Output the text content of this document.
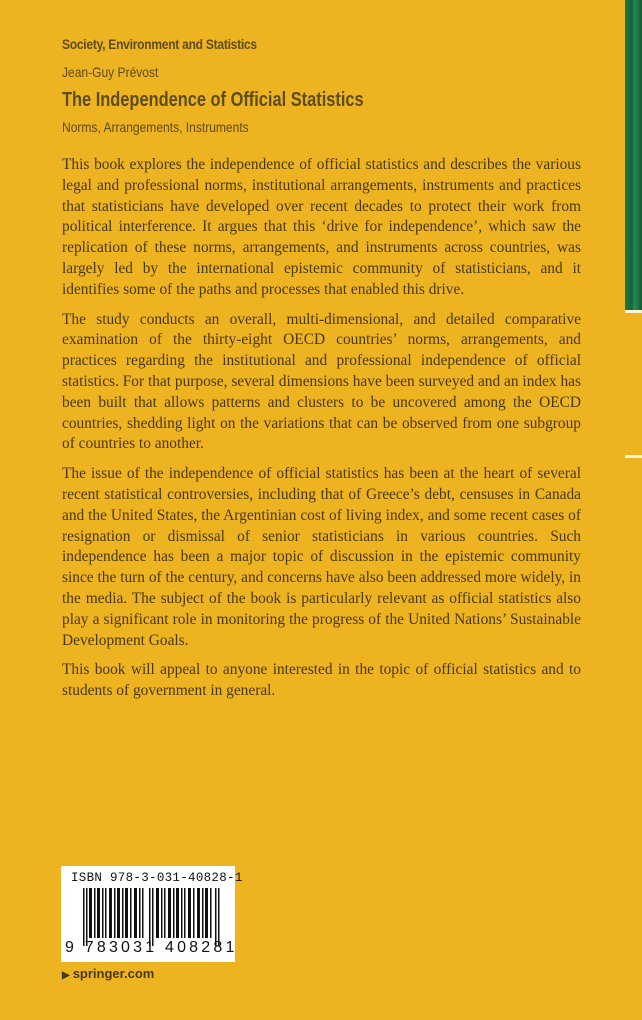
Society, Environment and Statistics
Jean-Guy Prévost
The Independence of Official Statistics
Norms, Arrangements, Instruments

This book explores the independence of official statistics and describes the various legal and professional norms, institutional arrangements, instruments and practices that statisticians have developed over recent decades to protect their work from political interference. It argues that this ‘drive for independence’, which saw the replication of these norms, arrangements, and instruments across countries, was largely led by the international epistemic community of statisticians, and it identifies some of the paths and processes that enabled this drive.

The study conducts an overall, multi-dimensional, and detailed comparative examination of the thirty-eight OECD countries’ norms, arrangements, and practices regarding the institutional and professional independence of official statistics. For that purpose, several dimensions have been surveyed and an index has been built that allows patterns and clusters to be uncovered among the OECD countries, shedding light on the variations that can be observed from one subgroup of countries to another.

The issue of the independence of official statistics has been at the heart of several recent statistical controversies, including that of Greece’s debt, censuses in Canada and the United States, the Argentinian cost of living index, and some recent cases of resignation or dismissal of senior statisticians in various countries. Such independence has been a major topic of discussion in the epistemic community since the turn of the century, and concerns have also been addressed more widely, in the media. The subject of the book is particularly relevant as official statistics also play a significant role in monitoring the progress of the United Nations’ Sustainable Development Goals.

This book will appeal to anyone interested in the topic of official statistics and to students of government in general.

ISBN 978-3-031-40828-1
9 783031 408281
▶ springer.com
